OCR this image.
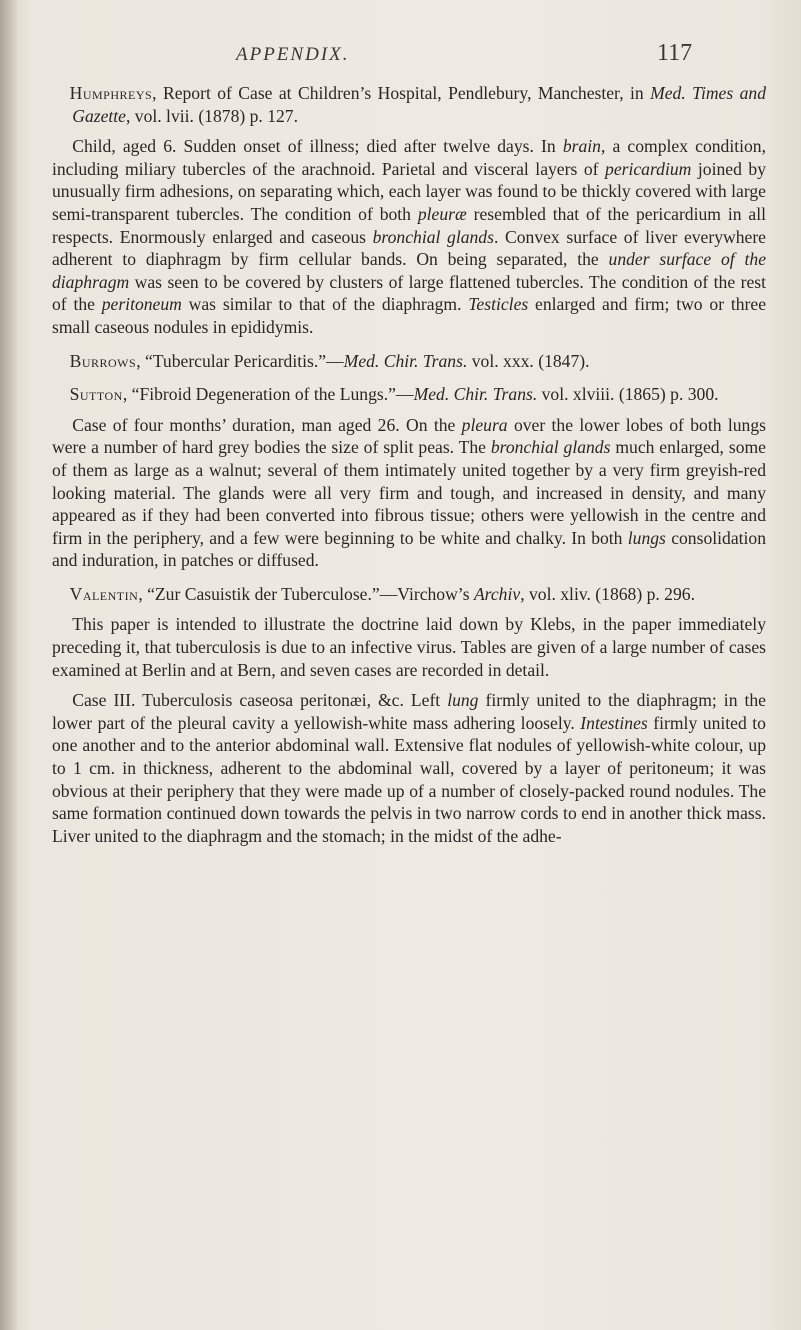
APPENDIX.	117

Humphreys, Report of Case at Children’s Hospital, Pendlebury, Manchester, in Med. Times and Gazette, vol. lvii. (1878) p. 127.

Child, aged 6. Sudden onset of illness; died after twelve days. In brain, a complex condition, including miliary tubercles of the arachnoid. Parietal and visceral layers of pericardium joined by unusually firm adhesions, on separating which, each layer was found to be thickly covered with large semi-transparent tubercles. The condition of both pleuræ resembled that of the pericardium in all respects. Enormously enlarged and caseous bronchial glands. Convex surface of liver everywhere adherent to diaphragm by firm cellular bands. On being separated, the under surface of the diaphragm was seen to be covered by clusters of large flattened tubercles. The condition of the rest of the peritoneum was similar to that of the diaphragm. Testicles enlarged and firm; two or three small caseous nodules in epididymis.

Burrows, “Tubercular Pericarditis.”—Med. Chir. Trans. vol. xxx. (1847).

Sutton, “Fibroid Degeneration of the Lungs.”—Med. Chir. Trans. vol. xlviii. (1865) p. 300.

Case of four months’ duration, man aged 26. On the pleura over the lower lobes of both lungs were a number of hard grey bodies the size of split peas. The bronchial glands much enlarged, some of them as large as a walnut; several of them intimately united together by a very firm greyish-red looking material. The glands were all very firm and tough, and increased in density, and many appeared as if they had been converted into fibrous tissue; others were yellowish in the centre and firm in the periphery, and a few were beginning to be white and chalky. In both lungs consolidation and induration, in patches or diffused.

Valentin, “Zur Casuistik der Tuberculose.”—Virchow’s Archiv, vol. xliv. (1868) p. 296.

This paper is intended to illustrate the doctrine laid down by Klebs, in the paper immediately preceding it, that tuberculosis is due to an infective virus. Tables are given of a large number of cases examined at Berlin and at Bern, and seven cases are recorded in detail.

Case III. Tuberculosis caseosa peritonæi, &c. Left lung firmly united to the diaphragm; in the lower part of the pleural cavity a yellowish-white mass adhering loosely. Intestines firmly united to one another and to the anterior abdominal wall. Extensive flat nodules of yellowish-white colour, up to 1 cm. in thickness, adherent to the abdominal wall, covered by a layer of peritoneum; it was obvious at their periphery that they were made up of a number of closely-packed round nodules. The same formation continued down towards the pelvis in two narrow cords to end in another thick mass. Liver united to the diaphragm and the stomach; in the midst of the adhe-
